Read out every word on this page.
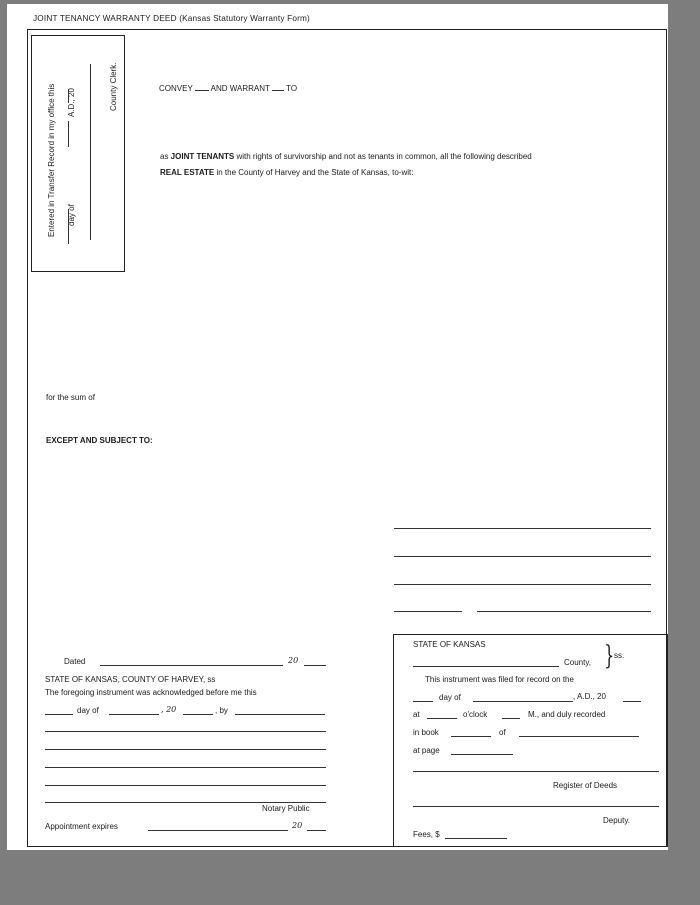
JOINT TENANCY WARRANTY DEED (Kansas Statutory Warranty Form)
Entered in Transfer Record in my office this A.D., 20
day of
County Clerk.	CONVEY AND WARRANT TO
as JOINT TENANTS with rights of survivorship and not as tenants in common, all the following described
REAL ESTATE in the County of Harvey and the State of Kansas, to-wit:
for the sum of
EXCEPT AND SUBJECT TO:
Dated	20
STATE OF KANSAS, COUNTY OF HARVEY, ss
The foregoing instrument was acknowledged before me this
day of	, 20	, by
Notary Public
Appointment expires	20
STATE OF KANSAS
County, } ss.
This instrument was filed for record on the
day of	, A.D., 20
at	o'clock	M., and duly recorded
in book	of
at page
Register of Deeds
Deputy.
Fees, $
